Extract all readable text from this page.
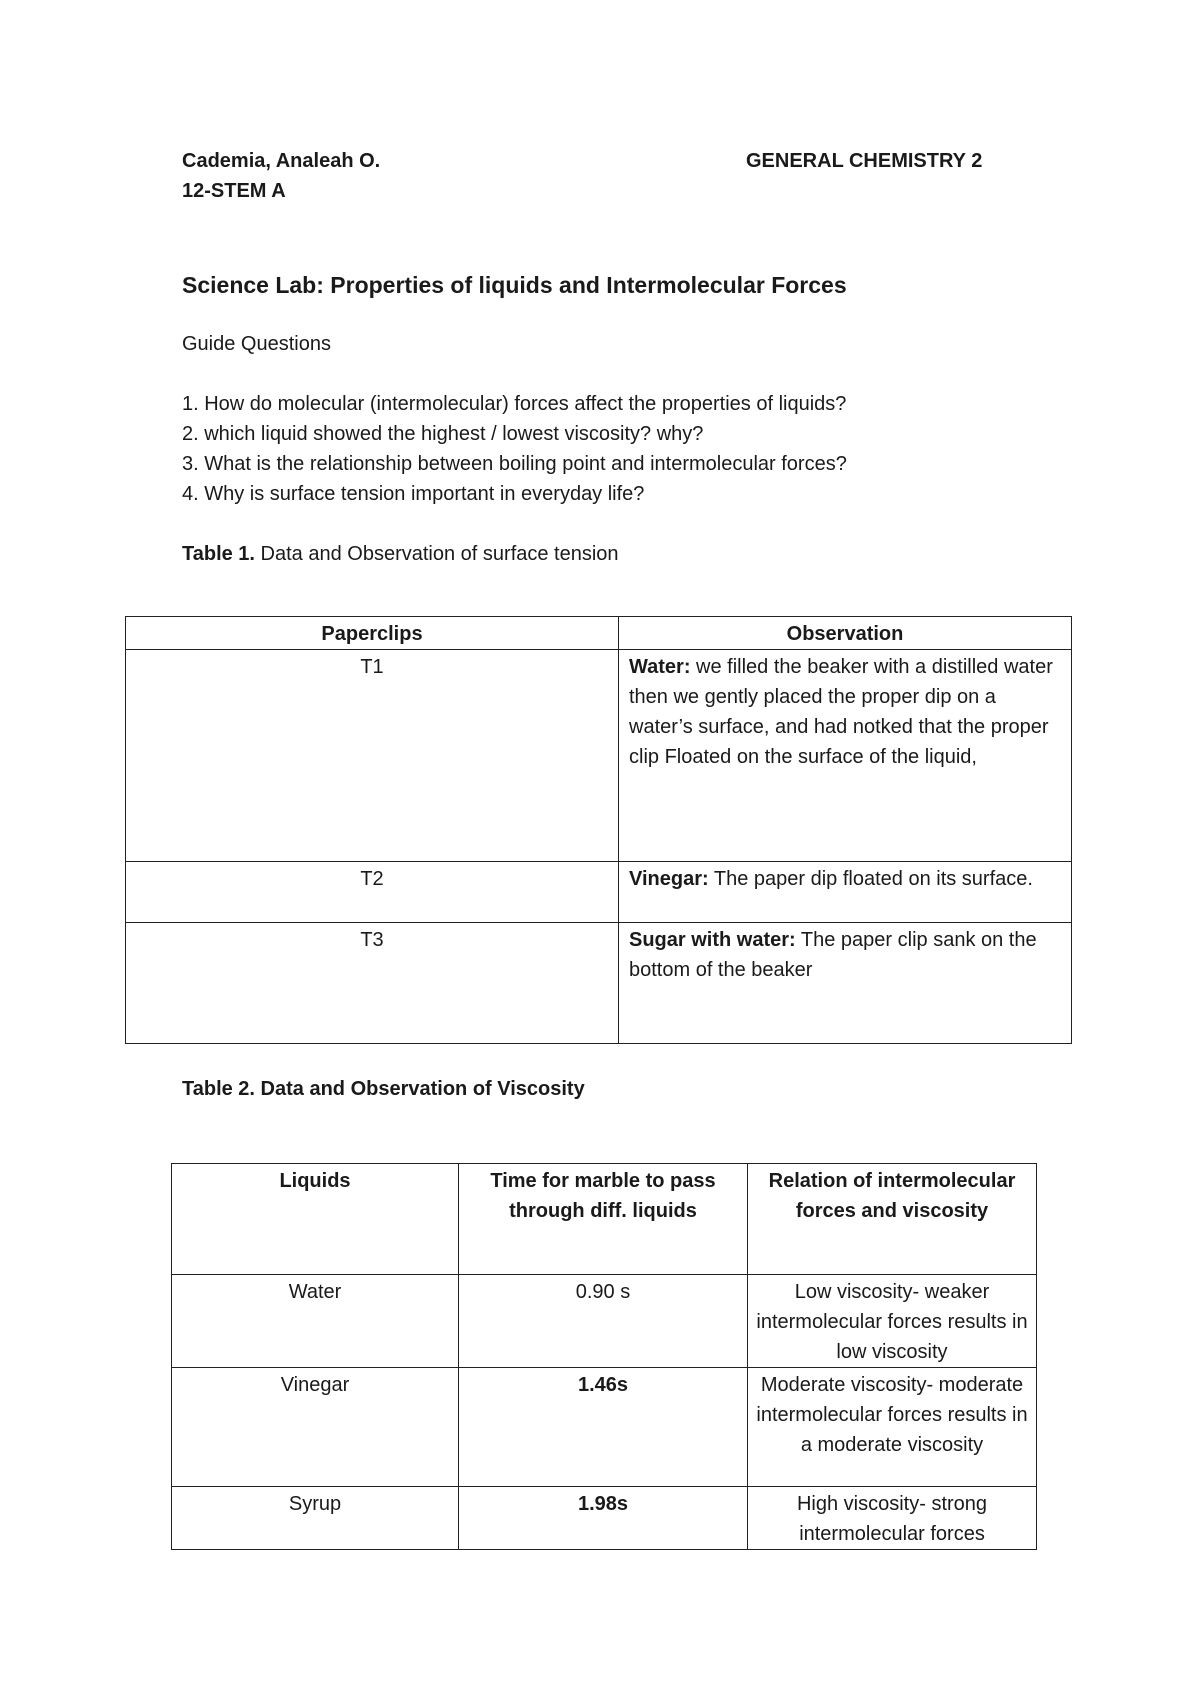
Cademia, Analeah O.
12-STEM A
GENERAL CHEMISTRY 2
Science Lab: Properties of liquids and Intermolecular Forces
Guide Questions
1. How do molecular (intermolecular) forces affect the properties of liquids?
2. which liquid showed the highest / lowest viscosity? why?
3. What is the relationship between boiling point and intermolecular forces?
4. Why is surface tension important in everyday life?
Table 1. Data and Observation of surface tension
Paperclips	Observation
T1	Water: we filled the beaker with a distilled water then we gently placed the proper dip on a water’s surface, and had notked that the proper clip Floated on the surface of the liquid,
T2	Vinegar: The paper dip floated on its surface.
T3	Sugar with water: The paper clip sank on the bottom of the beaker
Table 2. Data and Observation of Viscosity
Liquids	Time for marble to pass through diff. liquids	Relation of intermolecular forces and viscosity
Water	0.90 s	Low viscosity- weaker intermolecular forces results in low viscosity
Vinegar	1.46s	Moderate viscosity- moderate intermolecular forces results in a moderate viscosity
Syrup	1.98s	High viscosity- strong intermolecular forces
